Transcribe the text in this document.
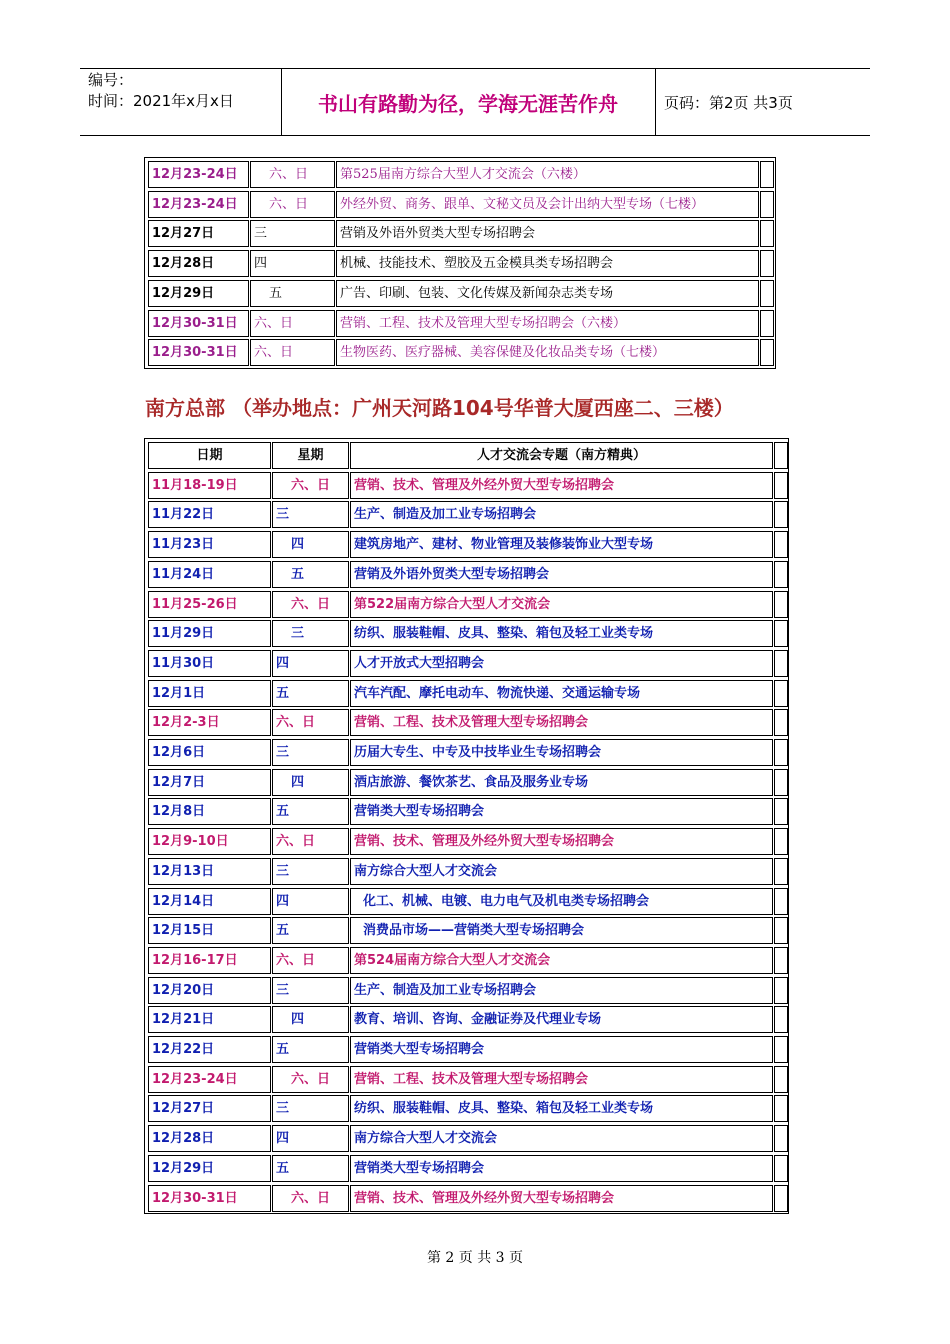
编号：
时间：2021年x月x日	书山有路勤为径，学海无涯苦作舟	页码：第2页 共3页
12月23-24日	六、日	第525届南方综合大型人才交流会（六楼）
12月23-24日	六、日	外经外贸、商务、跟单、文秘文员及会计出纳大型专场（七楼）
12月27日	三	营销及外语外贸类大型专场招聘会
12月28日	四	机械、技能技术、塑胶及五金模具类专场招聘会
12月29日	五	广告、印刷、包装、文化传媒及新闻杂志类专场
12月30-31日	六、日	营销、工程、技术及管理大型专场招聘会（六楼）
12月30-31日	六、日	生物医药、医疗器械、美容保健及化妆品类专场（七楼）
南方总部 （举办地点：广州天河路104号华普大厦西座二、三楼）
日期	星期	人才交流会专题（南方精典）
11月18-19日	六、日	营销、技术、管理及外经外贸大型专场招聘会
11月22日	三	生产、制造及加工业专场招聘会
11月23日	四	建筑房地产、建材、物业管理及装修装饰业大型专场
11月24日	五	营销及外语外贸类大型专场招聘会
11月25-26日	六、日	第522届南方综合大型人才交流会
11月29日	三	纺织、服装鞋帽、皮具、整染、箱包及轻工业类专场
11月30日	四	人才开放式大型招聘会
12月1日	五	汽车汽配、摩托电动车、物流快递、交通运输专场
12月2-3日	六、日	营销、工程、技术及管理大型专场招聘会
12月6日	三	历届大专生、中专及中技毕业生专场招聘会
12月7日	四	酒店旅游、餐饮茶艺、食品及服务业专场
12月8日	五	营销类大型专场招聘会
12月9-10日	六、日	营销、技术、管理及外经外贸大型专场招聘会
12月13日	三	南方综合大型人才交流会
12月14日	四	化工、机械、电镀、电力电气及机电类专场招聘会
12月15日	五	消费品市场——营销类大型专场招聘会
12月16-17日	六、日	第524届南方综合大型人才交流会
12月20日	三	生产、制造及加工业专场招聘会
12月21日	四	教育、培训、咨询、金融证券及代理业专场
12月22日	五	营销类大型专场招聘会
12月23-24日	六、日	营销、工程、技术及管理大型专场招聘会
12月27日	三	纺织、服装鞋帽、皮具、整染、箱包及轻工业类专场
12月28日	四	南方综合大型人才交流会
12月29日	五	营销类大型专场招聘会
12月30-31日	六、日	营销、技术、管理及外经外贸大型专场招聘会
第 2 页 共 3 页
